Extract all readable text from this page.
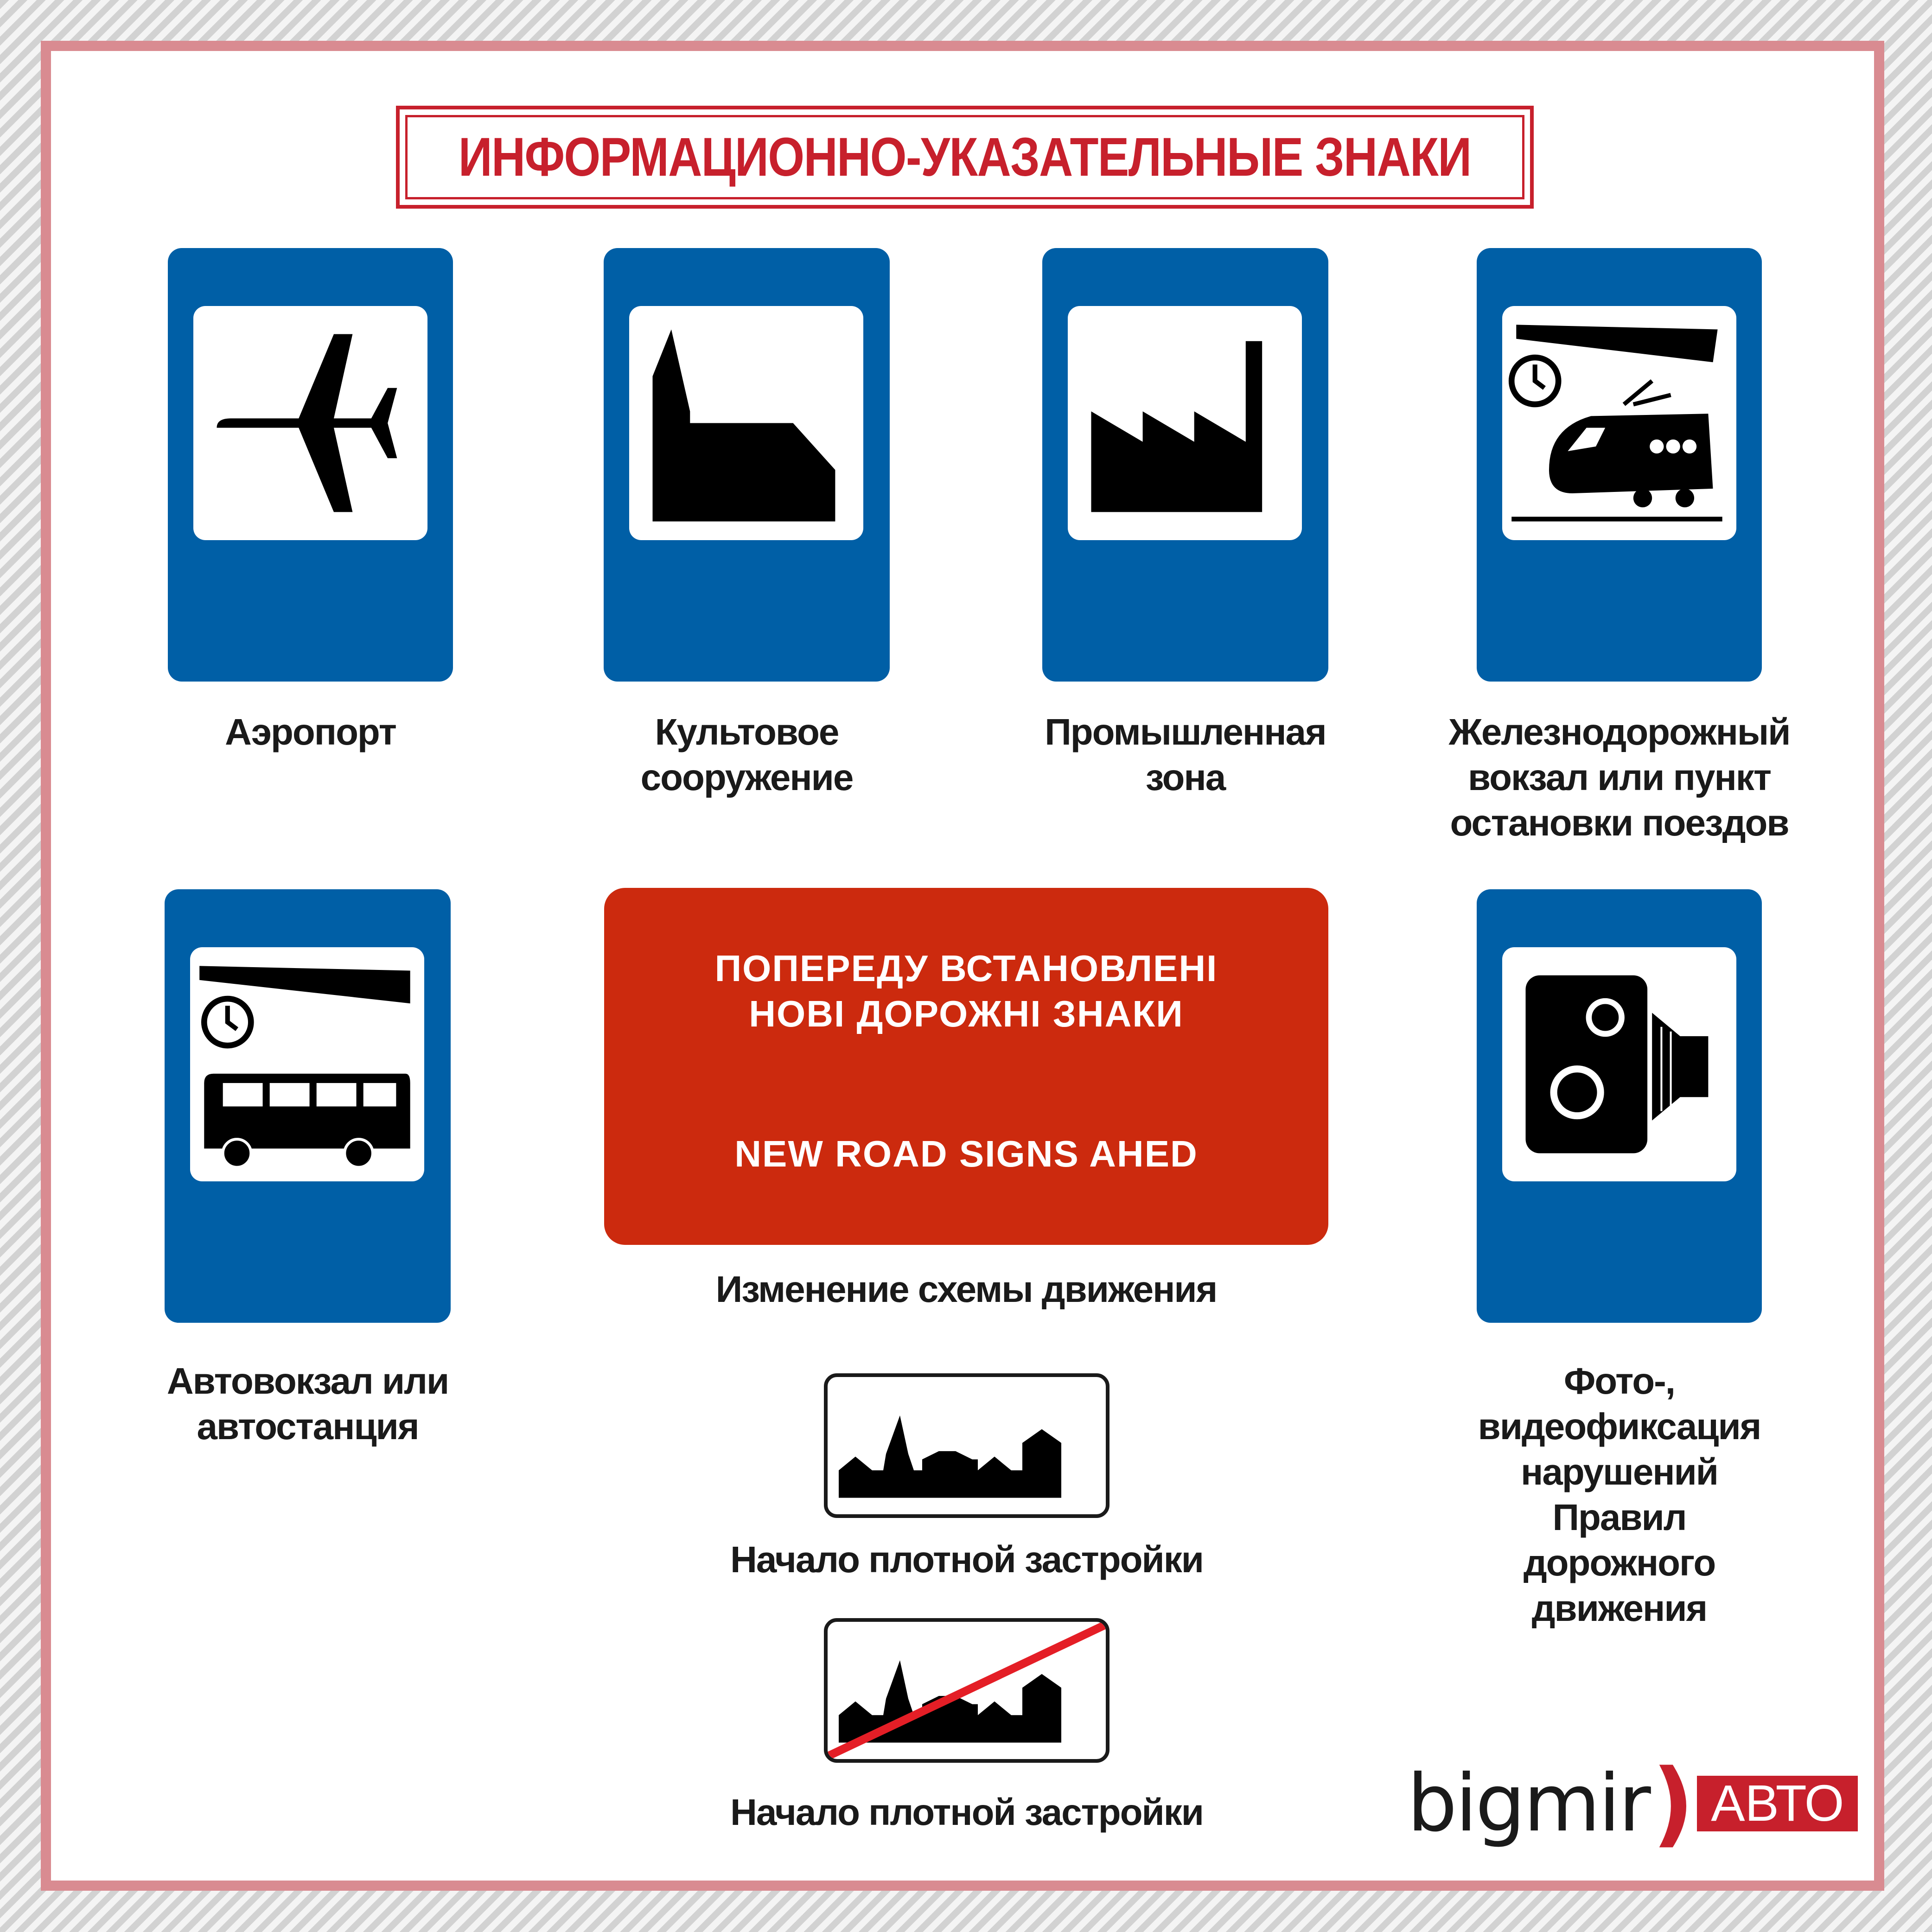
ИНФОРМАЦИОННО-УКАЗАТЕЛЬНЫЕ ЗНАКИ
Аэропорт	Культовое
сооружение
Промышленная
зона
Железнодорожный
вокзал или пункт
остановки поездов
Автовокзал или
автостанция
ПОПЕРЕДУ ВСТАНОВЛЕНІ
НОВІ ДОРОЖНІ ЗНАКИ
NEW ROAD SIGNS AHED
Изменение схемы движения
Фото-,
видеофиксация
нарушений
Правил
дорожного
движения
Начало плотной застройки
Начало плотной застройки	bigmir ) АВТО
